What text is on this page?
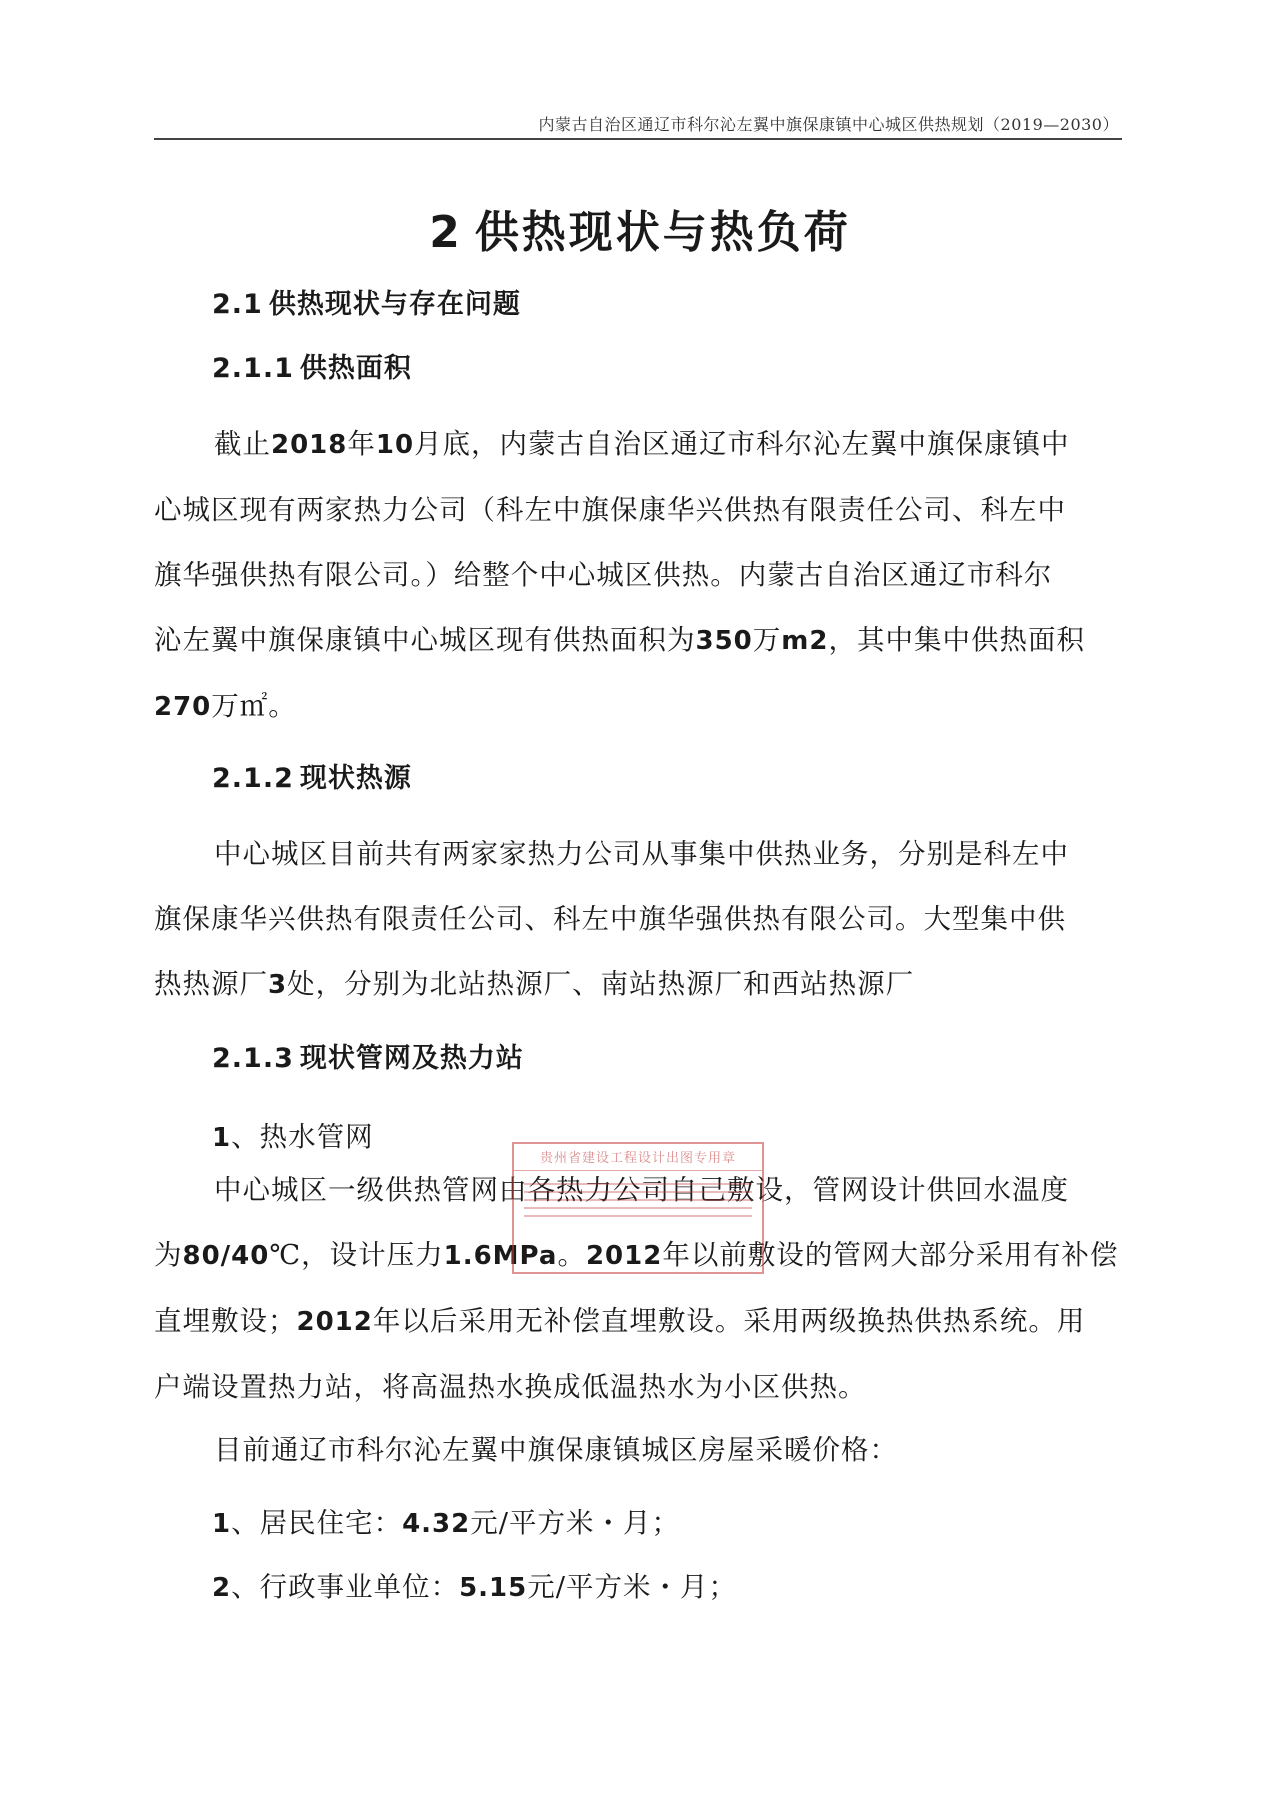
内蒙古自治区通辽市科尔沁左翼中旗保康镇中心城区供热规划（2019—2030）
2 供热现状与热负荷
2.1 供热现状与存在问题
2.1.1 供热面积
截止2018年10月底，内蒙古自治区通辽市科尔沁左翼中旗保康镇中
心城区现有两家热力公司（科左中旗保康华兴供热有限责任公司、科左中
旗华强供热有限公司。）给整个中心城区供热。内蒙古自治区通辽市科尔
沁左翼中旗保康镇中心城区现有供热面积为350万m2，其中集中供热面积
270万㎡。
2.1.2 现状热源
中心城区目前共有两家家热力公司从事集中供热业务，分别是科左中
旗保康华兴供热有限责任公司、科左中旗华强供热有限公司。大型集中供
热热源厂3处，分别为北站热源厂、南站热源厂和西站热源厂
2.1.3 现状管网及热力站
1、热水管网
中心城区一级供热管网由各热力公司自己敷设，管网设计供回水温度
为80/40℃，设计压力1.6MPa。2012年以前敷设的管网大部分采用有补偿
直埋敷设；2012年以后采用无补偿直埋敷设。采用两级换热供热系统。用
户端设置热力站，将高温热水换成低温热水为小区供热。
目前通辽市科尔沁左翼中旗保康镇城区房屋采暖价格：
1、居民住宅：4.32元/平方米・月；
2、行政事业单位：5.15元/平方米・月；
贵州省建设工程设计出图专用章
